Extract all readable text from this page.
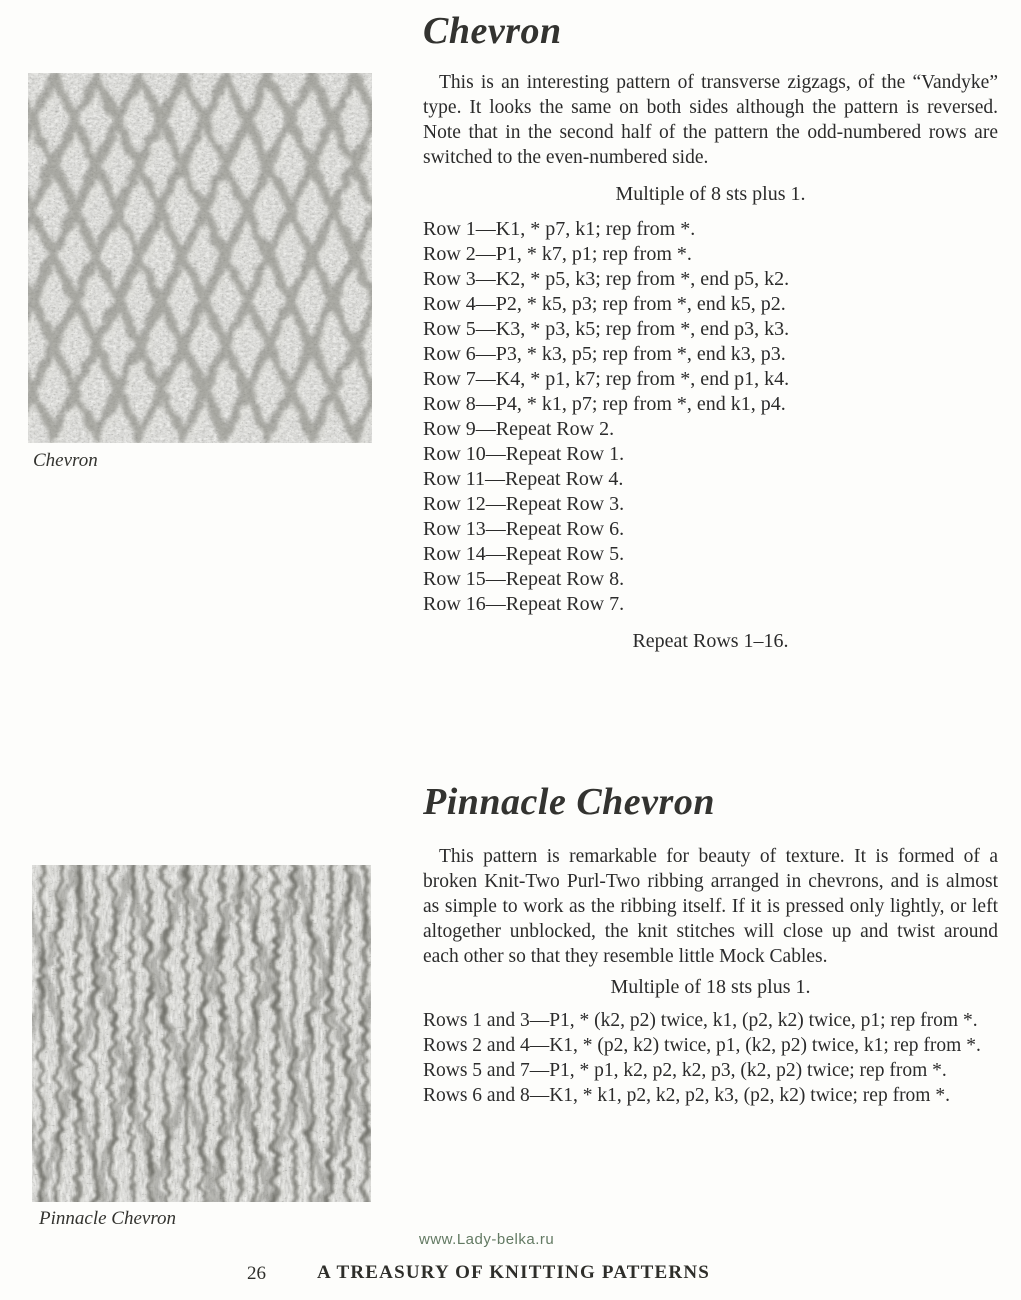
Chevron
Chevron

This is an interesting pattern of transverse zigzags, of the “Vandyke” type. It looks the same on both sides although the pattern is reversed. Note that in the second half of the pattern the odd-numbered rows are switched to the even-numbered side.

Multiple of 8 sts plus 1.
Row 1—K1, * p7, k1; rep from *.
Row 2—P1, * k7, p1; rep from *.
Row 3—K2, * p5, k3; rep from *, end p5, k2.
Row 4—P2, * k5, p3; rep from *, end k5, p2.
Row 5—K3, * p3, k5; rep from *, end p3, k3.
Row 6—P3, * k3, p5; rep from *, end k3, p3.
Row 7—K4, * p1, k7; rep from *, end p1, k4.
Row 8—P4, * k1, p7; rep from *, end k1, p4.
Row 9—Repeat Row 2.
Row 10—Repeat Row 1.
Row 11—Repeat Row 4.
Row 12—Repeat Row 3.
Row 13—Repeat Row 6.
Row 14—Repeat Row 5.
Row 15—Repeat Row 8.
Row 16—Repeat Row 7.
Repeat Rows 1–16.
Pinnacle Chevron
Pinnacle Chevron

This pattern is remarkable for beauty of texture. It is formed of a broken Knit-Two Purl-Two ribbing arranged in chevrons, and is almost as simple to work as the ribbing itself. If it is pressed only lightly, or left altogether unblocked, the knit stitches will close up and twist around each other so that they resemble little Mock Cables.

Multiple of 18 sts plus 1.
Rows 1 and 3—P1, * (k2, p2) twice, k1, (p2, k2) twice, p1; rep from *.
Rows 2 and 4—K1, * (p2, k2) twice, p1, (k2, p2) twice, k1; rep from *.
Rows 5 and 7—P1, * p1, k2, p2, k2, p3, (k2, p2) twice; rep from *.
Rows 6 and 8—K1, * k1, p2, k2, p2, k3, (p2, k2) twice; rep from *.
www.Lady-belka.ru
26	A TREASURY OF KNITTING PATTERNS
